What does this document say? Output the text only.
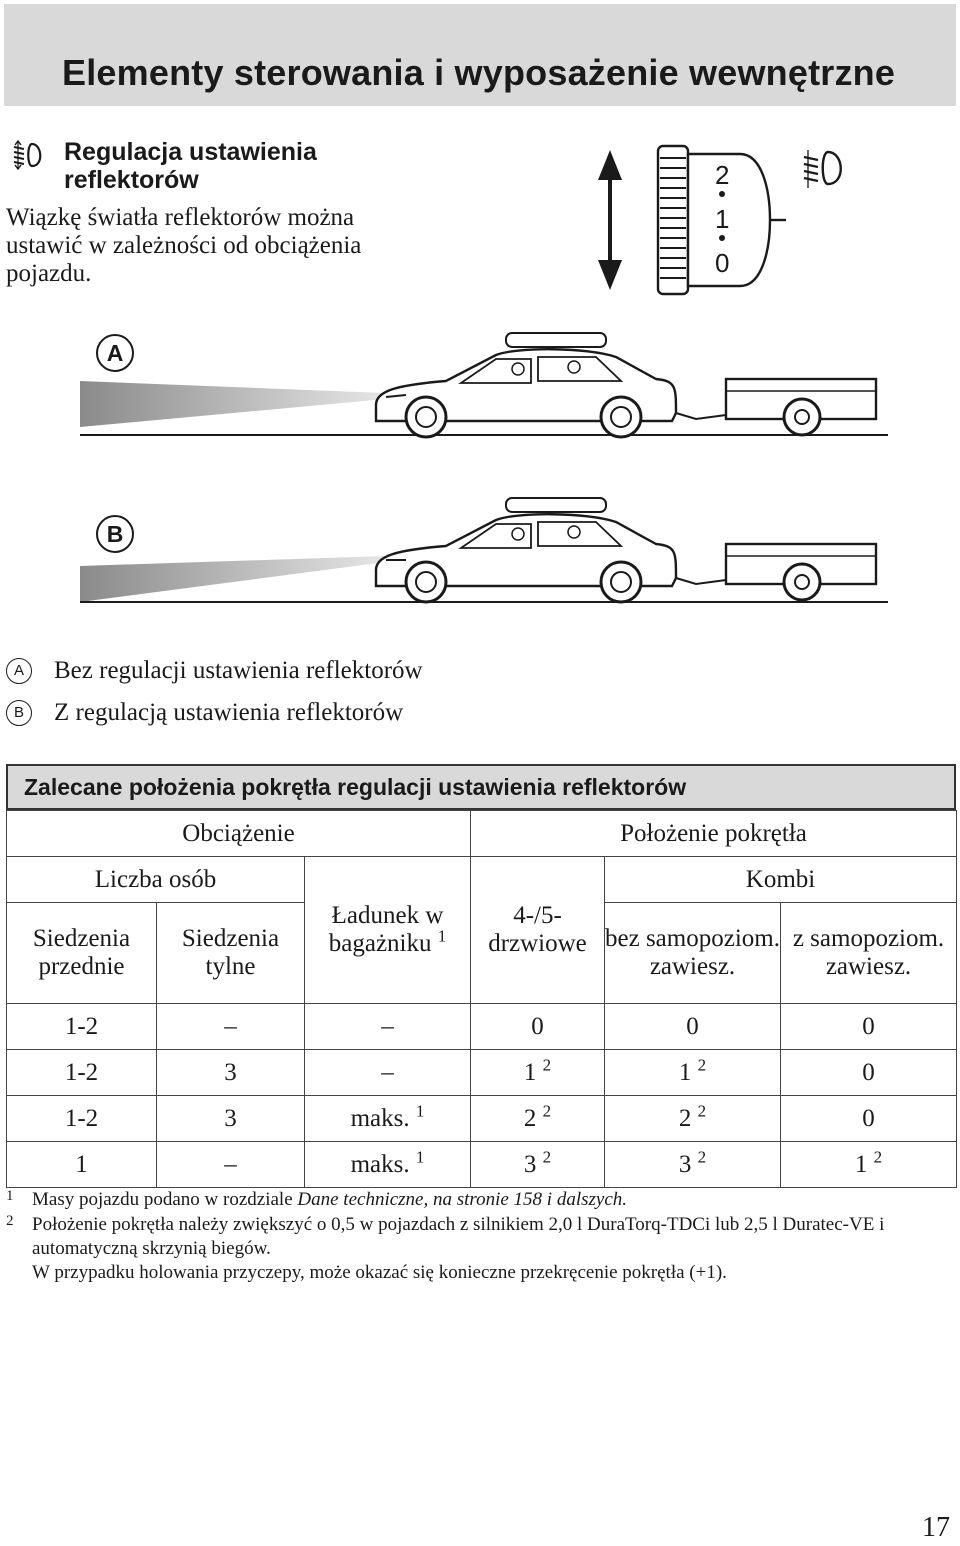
Elementy sterowania i wyposażenie wewnętrzne
Regulacja ustawienia reflektorów
Wiązkę światła reflektorów można ustawić w zależności od obciążenia pojazdu.
2
1
0
A
B
A	Bez regulacji ustawienia reflektorów
B	Z regulacją ustawienia reflektorów
Zalecane położenia pokrętła regulacji ustawienia reflektorów
Obciążenie			Położenie pokrętła		
Liczba osób		Ładunek w bagażniku $^1$	4-/5-drzwiowe	Kombi	
Siedzenia przednie	Siedzenia tylne			bez samopoziom. zawiesz.	z samopoziom. zawiesz.
1-2	–	–	0	0	0
1-2	3	–	1 $^2$	1 $^2$	0
1-2	3	maks. $^1$	2 $^2$	2 $^2$	0
1	–	maks. $^1$	3 $^2$	3 $^2$	1 $^2$
1 Masy pojazdu podano w rozdziale Dane techniczne, na stronie 158 i dalszych.
2 Położenie pokrętła należy zwiększyć o 0,5 w pojazdach z silnikiem 2,0 l DuraTorq-TDCi lub 2,5 l Duratec-VE i automatyczną skrzynią biegów.
W przypadku holowania przyczepy, może okazać się konieczne przekręcenie pokrętła (+1).
17
